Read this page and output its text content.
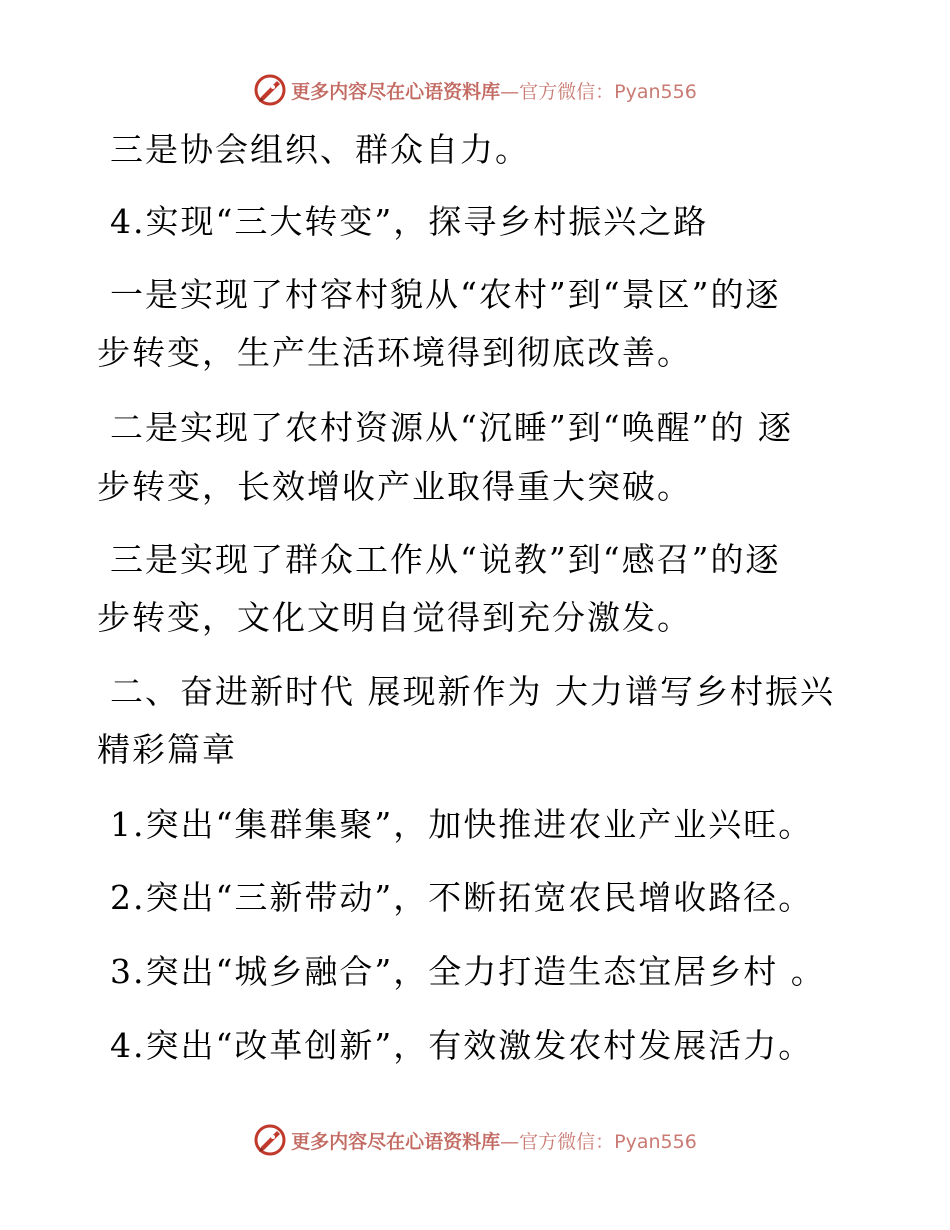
更多内容尽在心语资料库—官方微信：Pyan556
三是协会组织、群众自力。
4.实现“三大转变”，探寻乡村振兴之路
一是实现了村容村貌从“农村”到“景区”的逐
步转变，生产生活环境得到彻底改善。
二是实现了农村资源从“沉睡”到“唤醒”的 逐
步转变，长效增收产业取得重大突破。
三是实现了群众工作从“说教”到“感召”的逐
步转变，文化文明自觉得到充分激发。
二、奋进新时代 展现新作为 大力谱写乡村振兴
精彩篇章
1.突出“集群集聚”，加快推进农业产业兴旺。
2.突出“三新带动”，不断拓宽农民增收路径。
3.突出“城乡融合”，全力打造生态宜居乡村 。
4.突出“改革创新”，有效激发农村发展活力。
更多内容尽在心语资料库—官方微信：Pyan556
